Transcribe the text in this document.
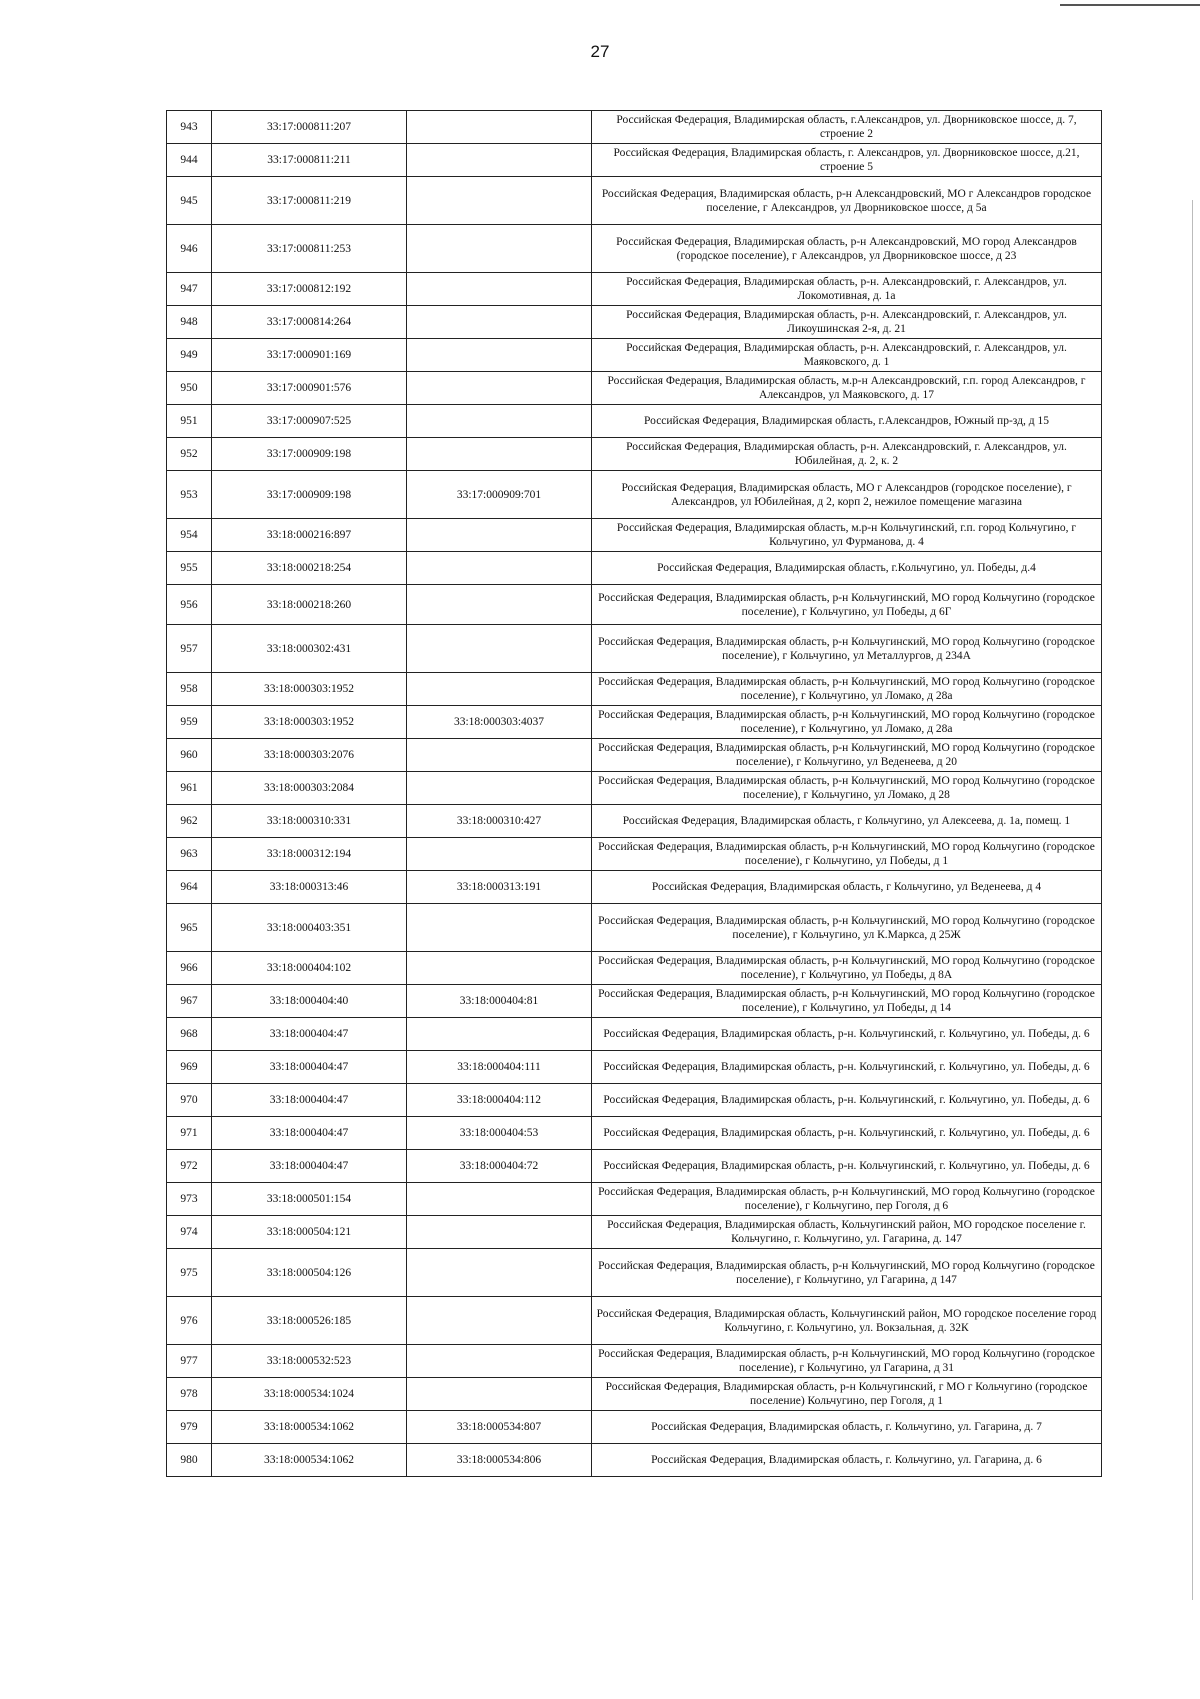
27
943	33:17:000811:207		Российская Федерация, Владимирская область, г.Александров, ул. Дворниковское шоссе, д. 7, строение 2
944	33:17:000811:211		Российская Федерация, Владимирская область, г. Александров, ул. Дворниковское шоссе, д.21, строение 5
945	33:17:000811:219		Российская Федерация, Владимирская область, р-н Александровский, МО г Александров городское поселение, г Александров, ул Дворниковское шоссе, д 5а
946	33:17:000811:253		Российская Федерация, Владимирская область, р-н Александровский, МО город Александров (городское поселение), г Александров, ул Дворниковское шоссе, д 23
947	33:17:000812:192		Российская Федерация, Владимирская область, р-н. Александровский, г. Александров, ул. Локомотивная, д. 1а
948	33:17:000814:264		Российская Федерация, Владимирская область, р-н. Александровский, г. Александров, ул. Ликоушинская 2-я, д. 21
949	33:17:000901:169		Российская Федерация, Владимирская область, р-н. Александровский, г. Александров, ул. Маяковского, д. 1
950	33:17:000901:576		Российская Федерация, Владимирская область, м.р-н Александровский, г.п. город Александров, г Александров, ул Маяковского, д. 17
951	33:17:000907:525		Российская Федерация, Владимирская область, г.Александров, Южный пр-зд, д 15
952	33:17:000909:198		Российская Федерация, Владимирская область, р-н. Александровский, г. Александров, ул. Юбилейная, д. 2, к. 2
953	33:17:000909:198	33:17:000909:701	Российская Федерация, Владимирская область, МО г Александров (городское поселение), г Александров, ул Юбилейная, д 2, корп 2, нежилое помещение магазина
954	33:18:000216:897		Российская Федерация, Владимирская область, м.р-н Кольчугинский, г.п. город Кольчугино, г Кольчугино, ул Фурманова, д. 4
955	33:18:000218:254		Российская Федерация, Владимирская область, г.Кольчугино, ул. Победы, д.4
956	33:18:000218:260		Российская Федерация, Владимирская область, р-н Кольчугинский, МО город Кольчугино (городское поселение), г Кольчугино, ул Победы, д 6Г
957	33:18:000302:431		Российская Федерация, Владимирская область, р-н Кольчугинский, МО город Кольчугино (городское поселение), г Кольчугино, ул Металлургов, д 234А
958	33:18:000303:1952		Российская Федерация, Владимирская область, р-н Кольчугинский, МО город Кольчугино (городское поселение), г Кольчугино, ул Ломако, д 28а
959	33:18:000303:1952	33:18:000303:4037	Российская Федерация, Владимирская область, р-н Кольчугинский, МО город Кольчугино (городское поселение), г Кольчугино, ул Ломако, д 28а
960	33:18:000303:2076		Российская Федерация, Владимирская область, р-н Кольчугинский, МО город Кольчугино (городское поселение), г Кольчугино, ул Веденеева, д 20
961	33:18:000303:2084		Российская Федерация, Владимирская область, р-н Кольчугинский, МО город Кольчугино (городское поселение), г Кольчугино, ул Ломако, д 28
962	33:18:000310:331	33:18:000310:427	Российская Федерация, Владимирская область, г Кольчугино, ул Алексеева, д. 1а, помещ. 1
963	33:18:000312:194		Российская Федерация, Владимирская область, р-н Кольчугинский, МО город Кольчугино (городское поселение), г Кольчугино, ул Победы, д 1
964	33:18:000313:46	33:18:000313:191	Российская Федерация, Владимирская область, г Кольчугино, ул Веденеева, д 4
965	33:18:000403:351		Российская Федерация, Владимирская область, р-н Кольчугинский, МО город Кольчугино (городское поселение), г Кольчугино, ул К.Маркса, д 25Ж
966	33:18:000404:102		Российская Федерация, Владимирская область, р-н Кольчугинский, МО город Кольчугино (городское поселение), г Кольчугино, ул Победы, д 8А
967	33:18:000404:40	33:18:000404:81	Российская Федерация, Владимирская область, р-н Кольчугинский, МО город Кольчугино (городское поселение), г Кольчугино, ул Победы, д 14
968	33:18:000404:47		Российская Федерация, Владимирская область, р-н. Кольчугинский, г. Кольчугино, ул. Победы, д. 6
969	33:18:000404:47	33:18:000404:111	Российская Федерация, Владимирская область, р-н. Кольчугинский, г. Кольчугино, ул. Победы, д. 6
970	33:18:000404:47	33:18:000404:112	Российская Федерация, Владимирская область, р-н. Кольчугинский, г. Кольчугино, ул. Победы, д. 6
971	33:18:000404:47	33:18:000404:53	Российская Федерация, Владимирская область, р-н. Кольчугинский, г. Кольчугино, ул. Победы, д. 6
972	33:18:000404:47	33:18:000404:72	Российская Федерация, Владимирская область, р-н. Кольчугинский, г. Кольчугино, ул. Победы, д. 6
973	33:18:000501:154		Российская Федерация, Владимирская область, р-н Кольчугинский, МО город Кольчугино (городское поселение), г Кольчугино, пер Гоголя, д 6
974	33:18:000504:121		Российская Федерация, Владимирская область, Кольчугинский район, МО городское поселение г. Кольчугино, г. Кольчугино, ул. Гагарина, д. 147
975	33:18:000504:126		Российская Федерация, Владимирская область, р-н Кольчугинский, МО город Кольчугино (городское поселение), г Кольчугино, ул Гагарина, д 147
976	33:18:000526:185		Российская Федерация, Владимирская область, Кольчугинский район, МО городское поселение город Кольчугино, г. Кольчугино, ул. Вокзальная, д. 32К
977	33:18:000532:523		Российская Федерация, Владимирская область, р-н Кольчугинский, МО город Кольчугино (городское поселение), г Кольчугино, ул Гагарина, д 31
978	33:18:000534:1024		Российская Федерация, Владимирская область, р-н Кольчугинский, г МО г Кольчугино (городское поселение) Кольчугино, пер Гоголя, д 1
979	33:18:000534:1062	33:18:000534:807	Российская Федерация, Владимирская область, г. Кольчугино, ул. Гагарина, д. 7
980	33:18:000534:1062	33:18:000534:806	Российская Федерация, Владимирская область, г. Кольчугино, ул. Гагарина, д. 6
